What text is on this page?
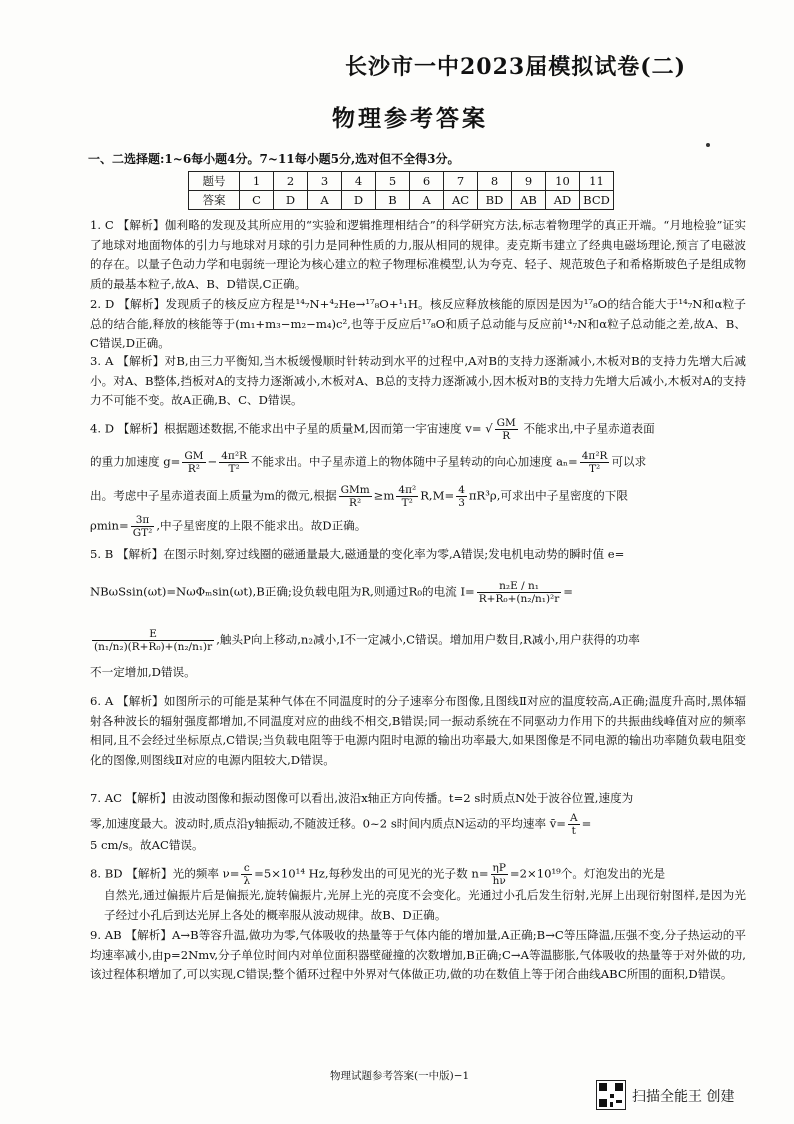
长沙市一中2023届模拟试卷(二)
物理参考答案
一、二选择题:1~6每小题4分。7~11每小题5分,选对但不全得3分。
题号	1	2	3	4	5	6	7	8	9	10	11
答案	C	D	A	D	B	A	AC	BD	AB	AD	BCD
1. C 【解析】伽利略的发现及其所应用的“实验和逻辑推理相结合”的科学研究方法,标志着物理学的真正开端。“月地检验”证实了地球对地面物体的引力与地球对月球的引力是同种性质的力,服从相同的规律。麦克斯韦建立了经典电磁场理论,预言了电磁波的存在。以量子色动力学和电弱统一理论为核心建立的粒子物理标准模型,认为夸克、轻子、规范玻色子和希格斯玻色子是组成物质的最基本粒子,故A、B、D错误,C正确。
2. D 【解析】发现质子的核反应方程是¹⁴₇N+⁴₂He→¹⁷₈O+¹₁H。核反应释放核能的原因是因为¹⁷₈O的结合能大于¹⁴₇N和α粒子总的结合能,释放的核能等于(m₁+m₃−m₂−m₄)c²,也等于反应后¹⁷₈O和质子总动能与反应前¹⁴₇N和α粒子总动能之差,故A、B、C错误,D正确。
3. A 【解析】对B,由三力平衡知,当木板缓慢顺时针转动到水平的过程中,A对B的支持力逐渐减小,木板对B的支持力先增大后减小。对A、B整体,挡板对A的支持力逐渐减小,木板对A、B总的支持力逐渐减小,因木板对B的支持力先增大后减小,木板对A的支持力不可能不变。故A正确,B、C、D错误。
4. D 【解析】根据题述数据,不能求出中子星的质量M,因而第一宇宙速度 v= √ $\frac{GM}{R}$ 不能求出,中子星赤道表面
的重力加速度 $g= \frac{GM}{\text{R²}} - \frac{\text{4π²R}}{\text{T²}}$ 不能求出。中子星赤道上的物体随中子星转动的向心加速度 $a_n= \frac{\text{4π²R}}{\text{T²}}$ 可以求
出。考虑中子星赤道表面上质量为m的微元,根据 $\frac{\text{GMm}}{\text{R²}} \ge m \frac{\text{4π²}}{\text{T²}} R,M= \frac{4}{3} \pi R^3\rho$,可求出中子星密度的下限
$\rho\min= \frac{3\pi}{\text{GT²}}$ ,中子星密度的上限不能求出。故D正确。
5. B 【解析】在图示时刻,穿过线圈的磁通量最大,磁通量的变化率为零,A错误;发电机电动势的瞬时值 e=
NBωSsin(ωt)=NωΦₘsin(ωt),B正确;设负载电阻为R,则通过R₀的电流 $I= \frac{\text{n₂E / n₁}}{\text{R+R₀+(n₂/n₁)²r}}$ =
$\frac{E}{\text{(n₁/n₂)(R+R₀)+(n₂/n₁)r}}$ ,触头P向上移动,n₂减小,I不一定减小,C错误。增加用户数目,R减小,用户获得的功率
不一定增加,D错误。
6. A 【解析】如图所示的可能是某种气体在不同温度时的分子速率分布图像,且图线Ⅱ对应的温度较高,A正确;温度升高时,黑体辐射各种波长的辐射强度都增加,不同温度对应的曲线不相交,B错误;同一振动系统在不同驱动力作用下的共振曲线峰值对应的频率相同,且不会经过坐标原点,C错误;当负载电阻等于电源内阻时电源的输出功率最大,如果图像是不同电源的输出功率随负载电阻变化的图像,则图线Ⅱ对应的电源内阻较大,D错误。
7. AC 【解析】由波动图像和振动图像可以看出,波沿x轴正方向传播。t=2 s时质点N处于波谷位置,速度为
零,加速度最大。波动时,质点沿y轴振动,不随波迁移。0~2 s时间内质点N运动的平均速率 v̄= $\frac{A}{t}$ =
5 cm/s。故AC错误。
8. BD 【解析】光的频率 $\nu= \frac{c}{\lambda} =5\times 10^{14}$ Hz,每秒发出的可见光的光子数 $n= \frac{\eta P}{h\nu} =2\times 10^{19}$个。灯泡发出的光是
自然光,通过偏振片后是偏振光,旋转偏振片,光屏上光的亮度不会变化。光通过小孔后发生衍射,光屏上出现衍射图样,是因为光子经过小孔后到达光屏上各处的概率服从波动规律。故B、D正确。
9. AB 【解析】A→B等容升温,做功为零,气体吸收的热量等于气体内能的增加量,A正确;B→C等压降温,压强不变,分子热运动的平均速率减小,由p=2Nmv,分子单位时间内对单位面积器壁碰撞的次数增加,B正确;C→A等温膨胀,气体吸收的热量等于对外做的功,该过程体积增加了,可以实现,C错误;整个循环过程中外界对气体做正功,做的功在数值上等于闭合曲线ABC所围的面积,D错误。
物理试题参考答案(一中版)−1
扫描全能王 创建
